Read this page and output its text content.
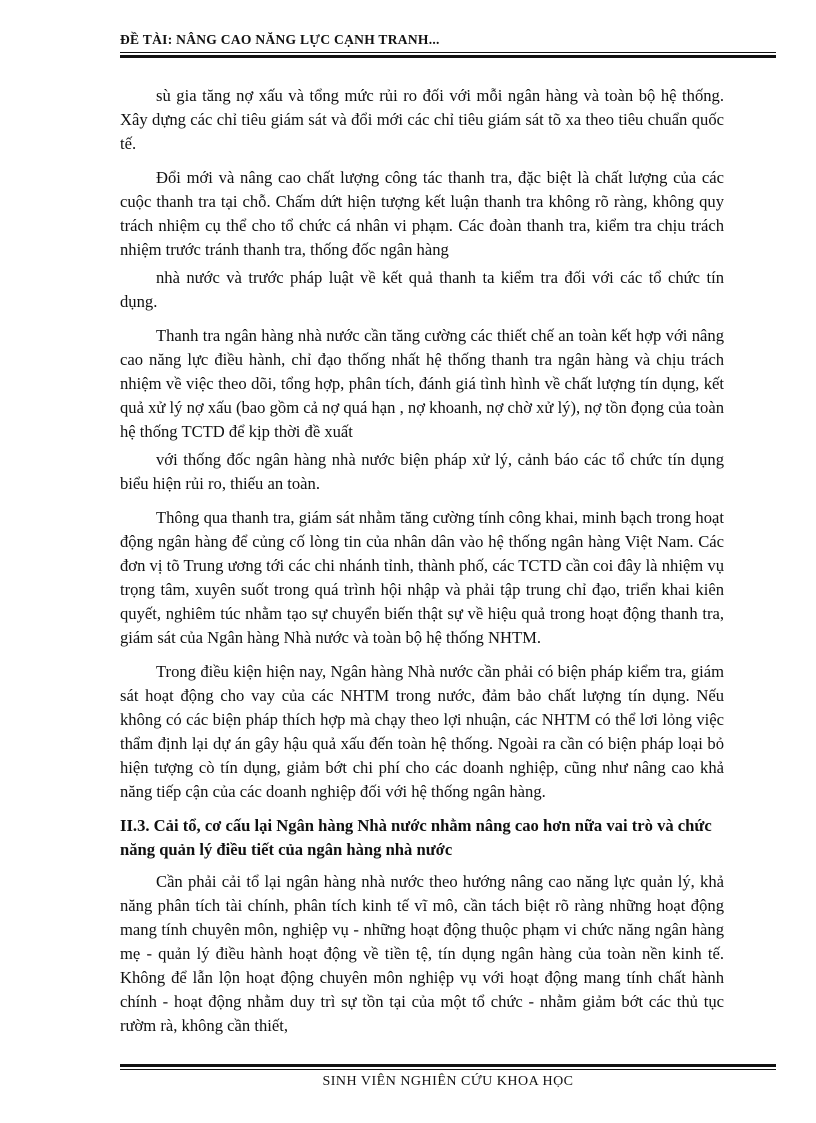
ĐỀ TÀI: NÂNG CAO NĂNG LỰC CẠNH TRANH...

sù gia tăng nợ xấu và tổng mức rủi ro đối với mỗi ngân hàng và toàn bộ hệ thống. Xây dựng các chỉ tiêu giám sát và đổi mới các chỉ tiêu giám sát tõ xa theo tiêu chuẩn quốc tế.

Đổi mới và nâng cao chất lượng công tác thanh tra, đặc biệt là chất lượng của các cuộc thanh tra tại chỗ. Chấm dứt hiện tượng kết luận thanh tra không rõ ràng, không quy trách nhiệm cụ thể cho tổ chức cá nhân vi phạm. Các đoàn thanh tra, kiểm tra chịu trách nhiệm trước tránh thanh tra, thống đốc ngân hàng

nhà nước và trước pháp luật về kết quả thanh ta kiểm tra đối với các tổ chức tín dụng.

Thanh tra ngân hàng nhà nước cần tăng cường các thiết chế an toàn kết hợp với nâng cao năng lực điều hành, chỉ đạo thống nhất hệ thống thanh tra ngân hàng và chịu trách nhiệm về việc theo dõi, tổng hợp, phân tích, đánh giá tình hình về chất lượng tín dụng, kết quả xử lý nợ xấu (bao gồm cả nợ quá hạn , nợ khoanh, nợ chờ xử lý), nợ tồn đọng của toàn hệ thống TCTD để kịp thời đề xuất

với thống đốc ngân hàng nhà nước biện pháp xử lý, cảnh báo các tổ chức tín dụng biểu hiện rủi ro, thiếu an toàn.

Thông qua thanh tra, giám sát nhằm tăng cường tính công khai, minh bạch trong hoạt động ngân hàng để củng cố lòng tin của nhân dân vào hệ thống ngân hàng Việt Nam. Các đơn vị tõ Trung ương tới các chi nhánh tỉnh, thành phố, các TCTD cần coi đây là nhiệm vụ trọng tâm, xuyên suốt trong quá trình hội nhập và phải tập trung chỉ đạo, triển khai kiên quyết, nghiêm túc nhằm tạo sự chuyển biến thật sự về hiệu quả trong hoạt động thanh tra, giám sát của Ngân hàng Nhà nước và toàn bộ hệ thống NHTM.

Trong điều kiện hiện nay, Ngân hàng Nhà nước cần phải có biện pháp kiểm tra, giám sát hoạt động cho vay của các NHTM trong nước, đảm bảo chất lượng tín dụng. Nếu không có các biện pháp thích hợp mà chạy theo lợi nhuận, các NHTM có thể lơi lỏng việc thẩm định lại dự án gây hậu quả xấu đến toàn hệ thống. Ngoài ra cần có biện pháp loại bỏ hiện tượng cò tín dụng, giảm bớt chi phí cho các doanh nghiệp, cũng như nâng cao khả năng tiếp cận của các doanh nghiệp đối với hệ thống ngân hàng.

II.3. Cải tổ, cơ cấu lại Ngân hàng Nhà nước nhằm nâng cao hơn nữa vai trò và chức năng quản lý điều tiết của ngân hàng nhà nước

Cần phải cải tổ lại ngân hàng nhà nước theo hướng nâng cao năng lực quản lý, khả năng phân tích tài chính, phân tích kinh tế vĩ mô, cần tách biệt rõ ràng những hoạt động mang tính chuyên môn, nghiệp vụ - những hoạt động thuộc phạm vi chức năng ngân hàng mẹ - quản lý điều hành hoạt động về tiền tệ, tín dụng ngân hàng của toàn nền kinh tế. Không để lẫn lộn hoạt động chuyên môn nghiệp vụ với hoạt động mang tính chất hành chính - hoạt động nhằm duy trì sự tồn tại của một tổ chức - nhằm giảm bớt các thủ tục rườm rà, không cần thiết,

SINH VIÊN NGHIÊN CỨU KHOA HỌC
